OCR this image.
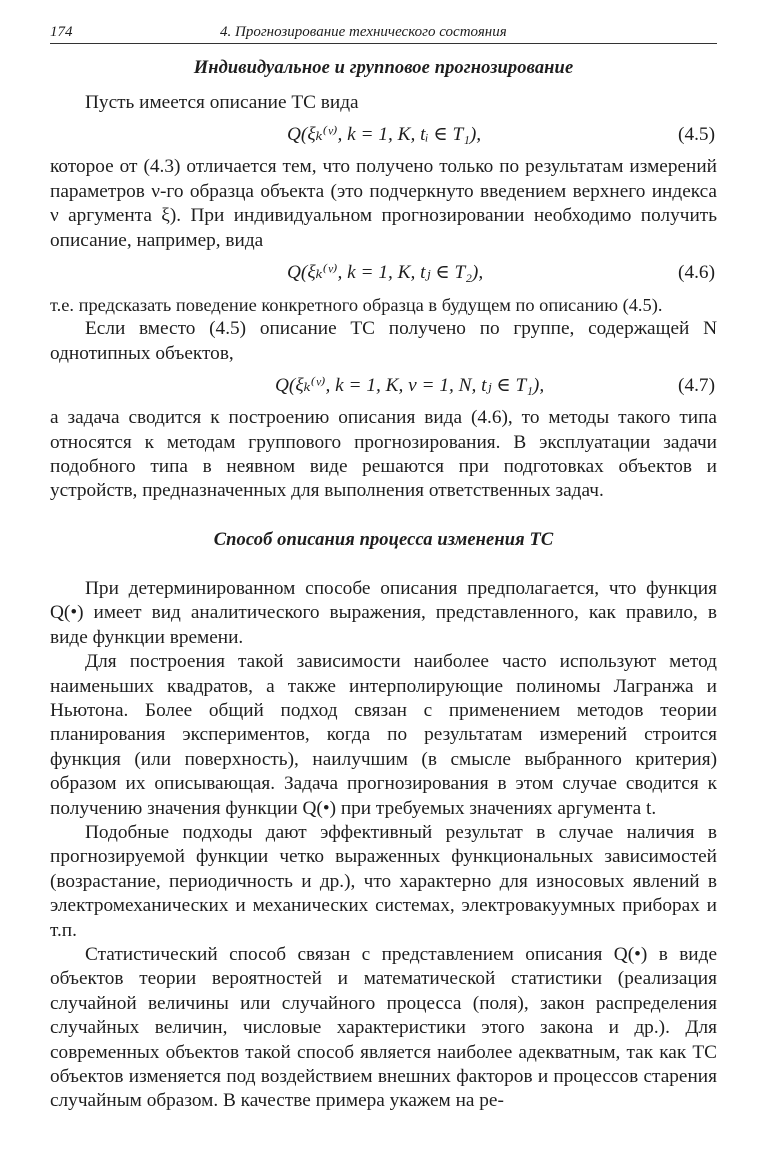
174	4. Прогнозирование технического состояния
Индивидуальное и групповое прогнозирование

Пусть имеется описание ТС вида

Q(ξₖ⁽ᵛ⁾, k = 1, K, tᵢ ∈ T₁),	(4.5)

которое от (4.3) отличается тем, что получено только по результатам измерений параметров ν-го образца объекта (это подчеркнуто введением верхнего индекса ν аргумента ξ). При индивидуальном прогнозировании необходимо получить описание, например, вида

Q(ξₖ⁽ᵛ⁾, k = 1, K, tⱼ ∈ T₂),	(4.6)

т.е. предсказать поведение конкретного образца в будущем по описанию (4.5).

Если вместо (4.5) описание ТС получено по группе, содержащей N однотипных объектов,

Q(ξₖ⁽ᵛ⁾, k = 1, K, ν = 1, N, tⱼ ∈ T₁),	(4.7)

а задача сводится к построению описания вида (4.6), то методы такого типа относятся к методам группового прогнозирования. В эксплуатации задачи подобного типа в неявном виде решаются при подготовках объектов и устройств, предназначенных для выполнения ответственных задач.

Способ описания процесса изменения ТС

При детерминированном способе описания предполагается, что функция Q(•) имеет вид аналитического выражения, представленного, как правило, в виде функции времени.

Для построения такой зависимости наиболее часто используют метод наименьших квадратов, а также интерполирующие полиномы Лагранжа и Ньютона. Более общий подход связан с применением методов теории планирования экспериментов, когда по результатам измерений строится функция (или поверхность), наилучшим (в смысле выбранного критерия) образом их описывающая. Задача прогнозирования в этом случае сводится к получению значения функции Q(•) при требуемых значениях аргумента t.

Подобные подходы дают эффективный результат в случае наличия в прогнозируемой функции четко выраженных функциональных зависимостей (возрастание, периодичность и др.), что характерно для износовых явлений в электромеханических и механических системах, электровакуумных приборах и т.п.

Статистический способ связан с представлением описания Q(•) в виде объектов теории вероятностей и математической статистики (реализация случайной величины или случайного процесса (поля), закон распределения случайных величин, числовые характеристики этого закона и др.). Для современных объектов такой способ является наиболее адекватным, так как ТС объектов изменяется под воздействием внешних факторов и процессов старения случайным образом. В качестве примера укажем на ре-
